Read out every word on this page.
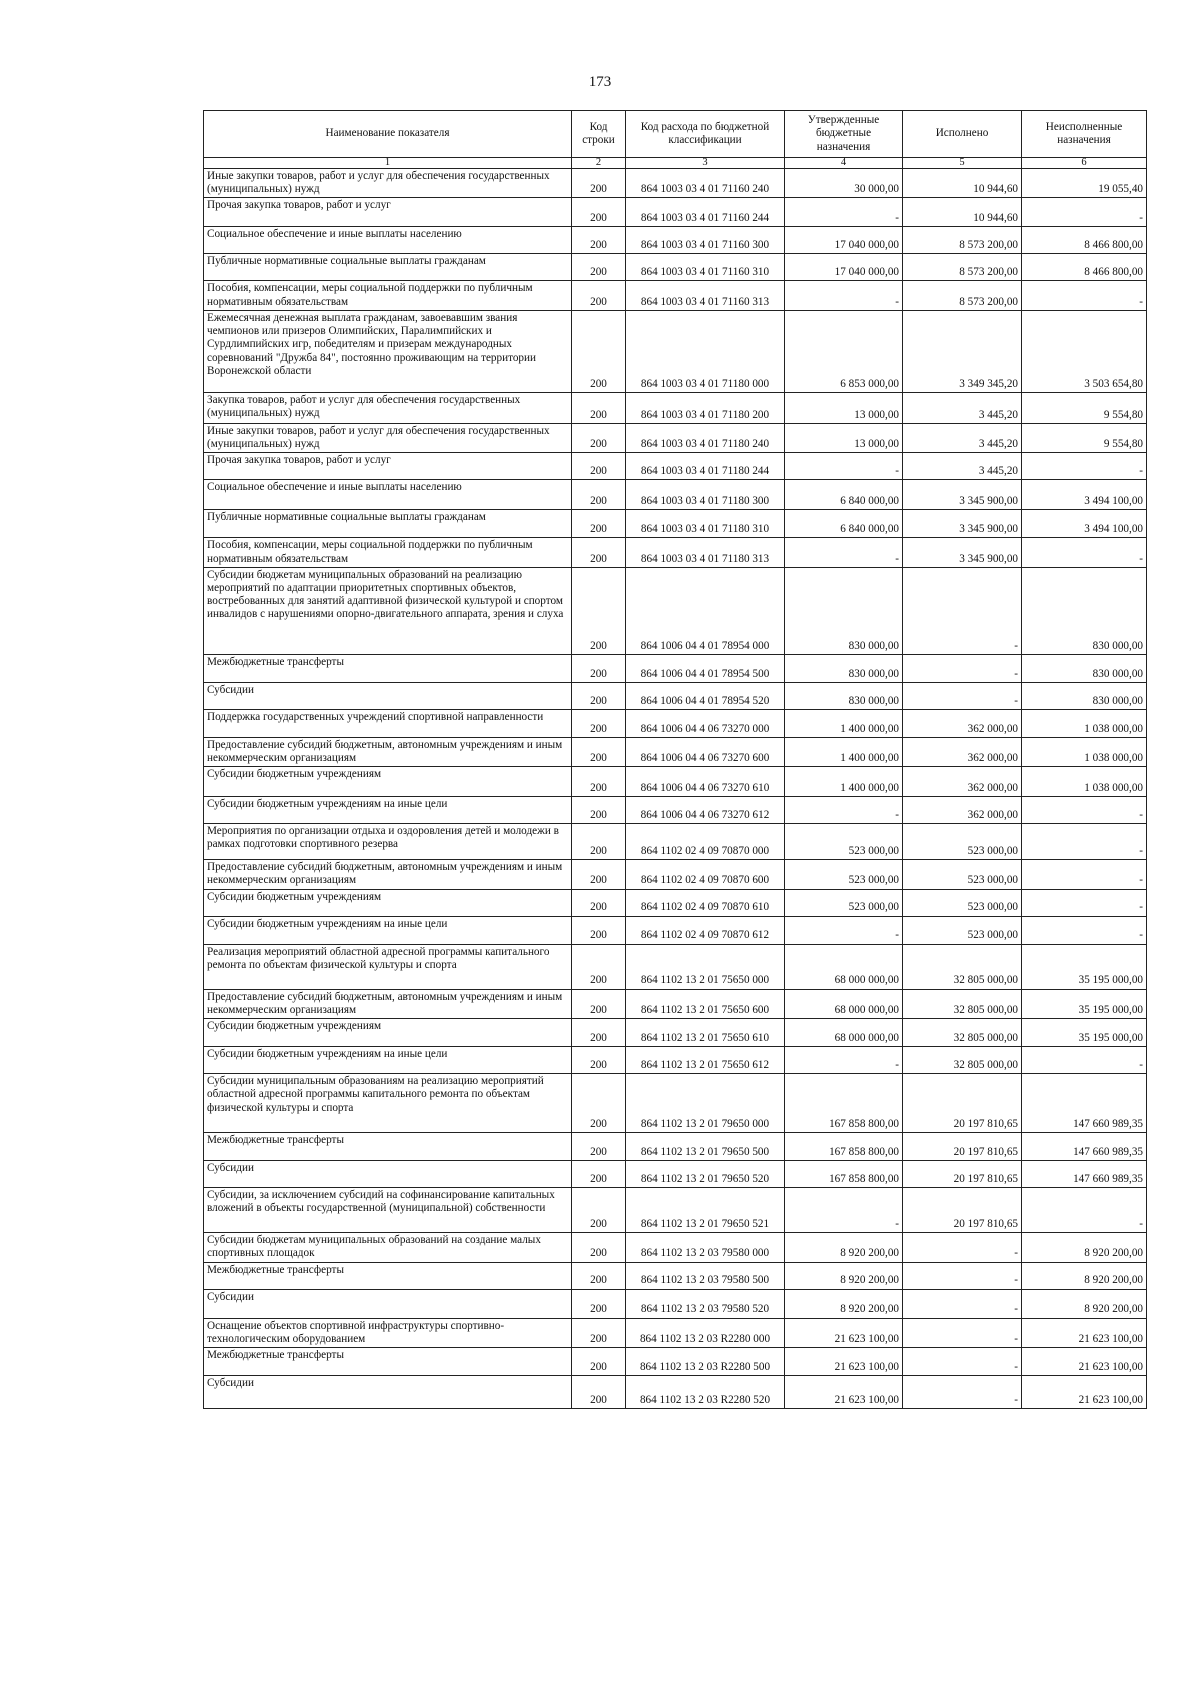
173
Наименование показателя	Код строки	Код расхода по бюджетной классификации	Утвержденные бюджетные назначения	Исполнено	Неисполненные назначения
1	2	3	4	5	6
Иные закупки товаров, работ и услуг для обеспечения государственных (муниципальных) нужд	200	864 1003 03 4 01 71160 240	30 000,00	10 944,60	19 055,40
Прочая закупка товаров, работ и услуг	200	864 1003 03 4 01 71160 244	-	10 944,60	-
Социальное обеспечение и иные выплаты населению	200	864 1003 03 4 01 71160 300	17 040 000,00	8 573 200,00	8 466 800,00
Публичные нормативные социальные выплаты гражданам	200	864 1003 03 4 01 71160 310	17 040 000,00	8 573 200,00	8 466 800,00
Пособия, компенсации, меры социальной поддержки по публичным нормативным обязательствам	200	864 1003 03 4 01 71160 313	-	8 573 200,00	-
Ежемесячная денежная выплата гражданам, завоевавшим звания чемпионов или призеров Олимпийских, Паралимпийских и Сурдлимпийских игр, победителям и призерам международных соревнований "Дружба 84", постоянно проживающим на территории Воронежской области	200	864 1003 03 4 01 71180 000	6 853 000,00	3 349 345,20	3 503 654,80
Закупка товаров, работ и услуг для обеспечения государственных (муниципальных) нужд	200	864 1003 03 4 01 71180 200	13 000,00	3 445,20	9 554,80
Иные закупки товаров, работ и услуг для обеспечения государственных (муниципальных) нужд	200	864 1003 03 4 01 71180 240	13 000,00	3 445,20	9 554,80
Прочая закупка товаров, работ и услуг	200	864 1003 03 4 01 71180 244	-	3 445,20	-
Социальное обеспечение и иные выплаты населению	200	864 1003 03 4 01 71180 300	6 840 000,00	3 345 900,00	3 494 100,00
Публичные нормативные социальные выплаты гражданам	200	864 1003 03 4 01 71180 310	6 840 000,00	3 345 900,00	3 494 100,00
Пособия, компенсации, меры социальной поддержки по публичным нормативным обязательствам	200	864 1003 03 4 01 71180 313	-	3 345 900,00	-
Субсидии бюджетам муниципальных образований на реализацию мероприятий по адаптации приоритетных спортивных объектов, востребованных для занятий адаптивной физической культурой и спортом инвалидов с нарушениями опорно-двигательного аппарата, зрения и слуха	200	864 1006 04 4 01 78954 000	830 000,00	-	830 000,00
Межбюджетные трансферты	200	864 1006 04 4 01 78954 500	830 000,00	-	830 000,00
Субсидии	200	864 1006 04 4 01 78954 520	830 000,00	-	830 000,00
Поддержка государственных учреждений спортивной направленности	200	864 1006 04 4 06 73270 000	1 400 000,00	362 000,00	1 038 000,00
Предоставление субсидий бюджетным, автономным учреждениям и иным некоммерческим организациям	200	864 1006 04 4 06 73270 600	1 400 000,00	362 000,00	1 038 000,00
Субсидии бюджетным учреждениям	200	864 1006 04 4 06 73270 610	1 400 000,00	362 000,00	1 038 000,00
Субсидии бюджетным учреждениям на иные цели	200	864 1006 04 4 06 73270 612	-	362 000,00	-
Мероприятия по организации отдыха и оздоровления детей и молодежи в рамках подготовки спортивного резерва	200	864 1102 02 4 09 70870 000	523 000,00	523 000,00	-
Предоставление субсидий бюджетным, автономным учреждениям и иным некоммерческим организациям	200	864 1102 02 4 09 70870 600	523 000,00	523 000,00	-
Субсидии бюджетным учреждениям	200	864 1102 02 4 09 70870 610	523 000,00	523 000,00	-
Субсидии бюджетным учреждениям на иные цели	200	864 1102 02 4 09 70870 612	-	523 000,00	-
Реализация мероприятий областной адресной программы капитального ремонта по объектам физической культуры и спорта	200	864 1102 13 2 01 75650 000	68 000 000,00	32 805 000,00	35 195 000,00
Предоставление субсидий бюджетным, автономным учреждениям и иным некоммерческим организациям	200	864 1102 13 2 01 75650 600	68 000 000,00	32 805 000,00	35 195 000,00
Субсидии бюджетным учреждениям	200	864 1102 13 2 01 75650 610	68 000 000,00	32 805 000,00	35 195 000,00
Субсидии бюджетным учреждениям на иные цели	200	864 1102 13 2 01 75650 612	-	32 805 000,00	-
Субсидии муниципальным образованиям на реализацию мероприятий областной адресной программы капитального ремонта по объектам физической культуры и спорта	200	864 1102 13 2 01 79650 000	167 858 800,00	20 197 810,65	147 660 989,35
Межбюджетные трансферты	200	864 1102 13 2 01 79650 500	167 858 800,00	20 197 810,65	147 660 989,35
Субсидии	200	864 1102 13 2 01 79650 520	167 858 800,00	20 197 810,65	147 660 989,35
Субсидии, за исключением субсидий на софинансирование капитальных вложений в объекты государственной (муниципальной) собственности	200	864 1102 13 2 01 79650 521	-	20 197 810,65	-
Субсидии бюджетам муниципальных образований на создание малых спортивных площадок	200	864 1102 13 2 03 79580 000	8 920 200,00	-	8 920 200,00
Межбюджетные трансферты	200	864 1102 13 2 03 79580 500	8 920 200,00	-	8 920 200,00
Субсидии	200	864 1102 13 2 03 79580 520	8 920 200,00	-	8 920 200,00
Оснащение объектов спортивной инфраструктуры спортивно-технологическим оборудованием	200	864 1102 13 2 03 R2280 000	21 623 100,00	-	21 623 100,00
Межбюджетные трансферты	200	864 1102 13 2 03 R2280 500	21 623 100,00	-	21 623 100,00
Субсидии	200	864 1102 13 2 03 R2280 520	21 623 100,00	-	21 623 100,00
